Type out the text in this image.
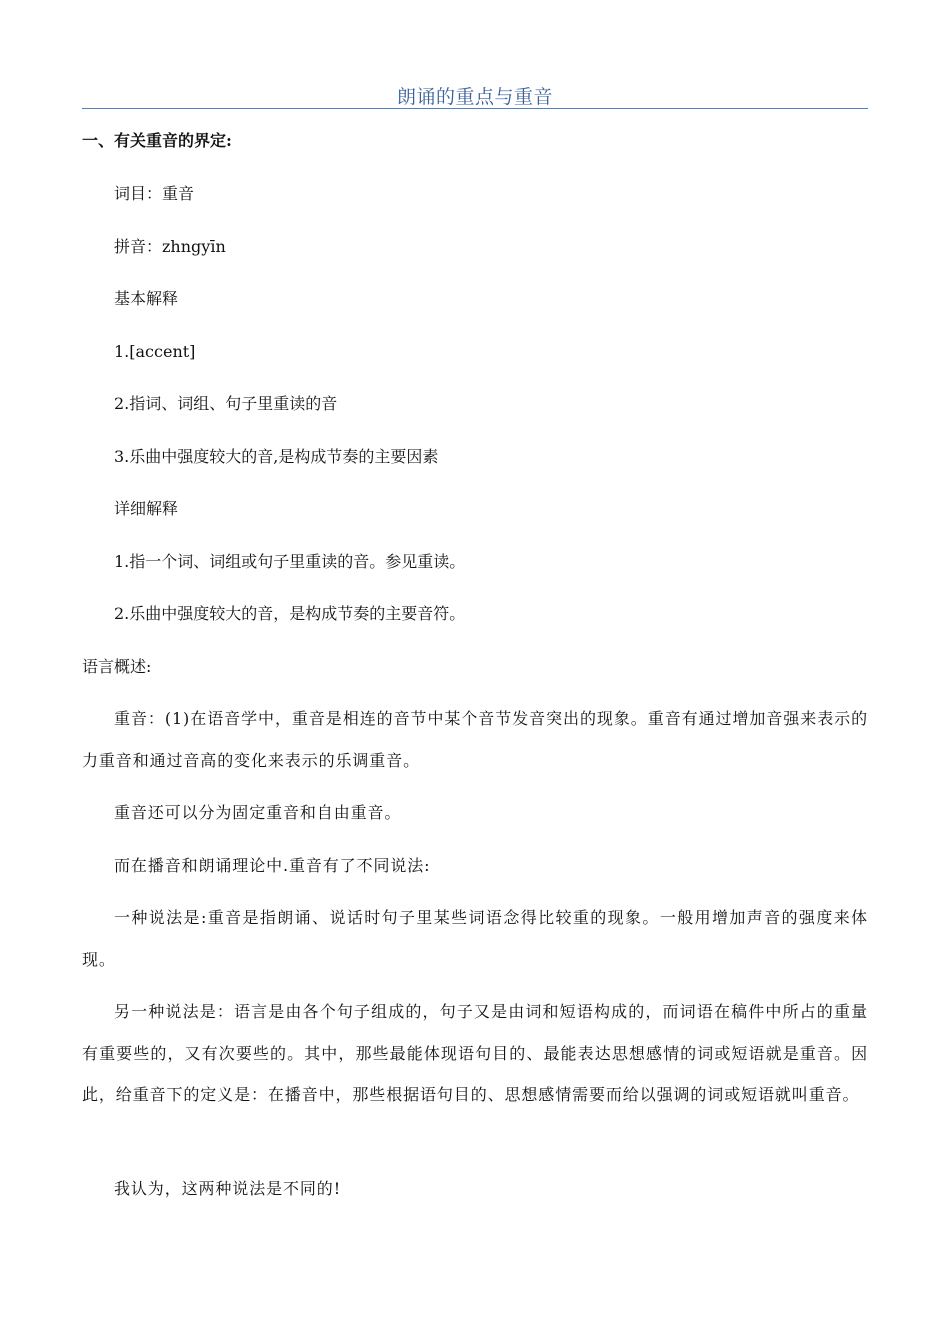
朗诵的重点与重音
一、有关重音的界定:
词目：重音
拼音：zhngyīn
基本解释
1.[accent]
2.指词、词组、句子里重读的音
3.乐曲中强度较大的音,是构成节奏的主要因素
详细解释
1.指一个词、词组或句子里重读的音。参见重读。
2.乐曲中强度较大的音，是构成节奏的主要音符。
语言概述:
重音：(1)在语音学中，重音是相连的音节中某个音节发音突出的现象。重音有通过增加音强来表示的力重音和通过音高的变化来表示的乐调重音。
重音还可以分为固定重音和自由重音。
而在播音和朗诵理论中.重音有了不同说法:
一种说法是:重音是指朗诵、说话时句子里某些词语念得比较重的现象。一般用增加声音的强度来体现。
另一种说法是：语言是由各个句子组成的，句子又是由词和短语构成的，而词语在稿件中所占的重量有重要些的，又有次要些的。其中，那些最能体现语句目的、最能表达思想感情的词或短语就是重音。因此，给重音下的定义是：在播音中，那些根据语句目的、思想感情需要而给以强调的词或短语就叫重音。
我认为，这两种说法是不同的!
